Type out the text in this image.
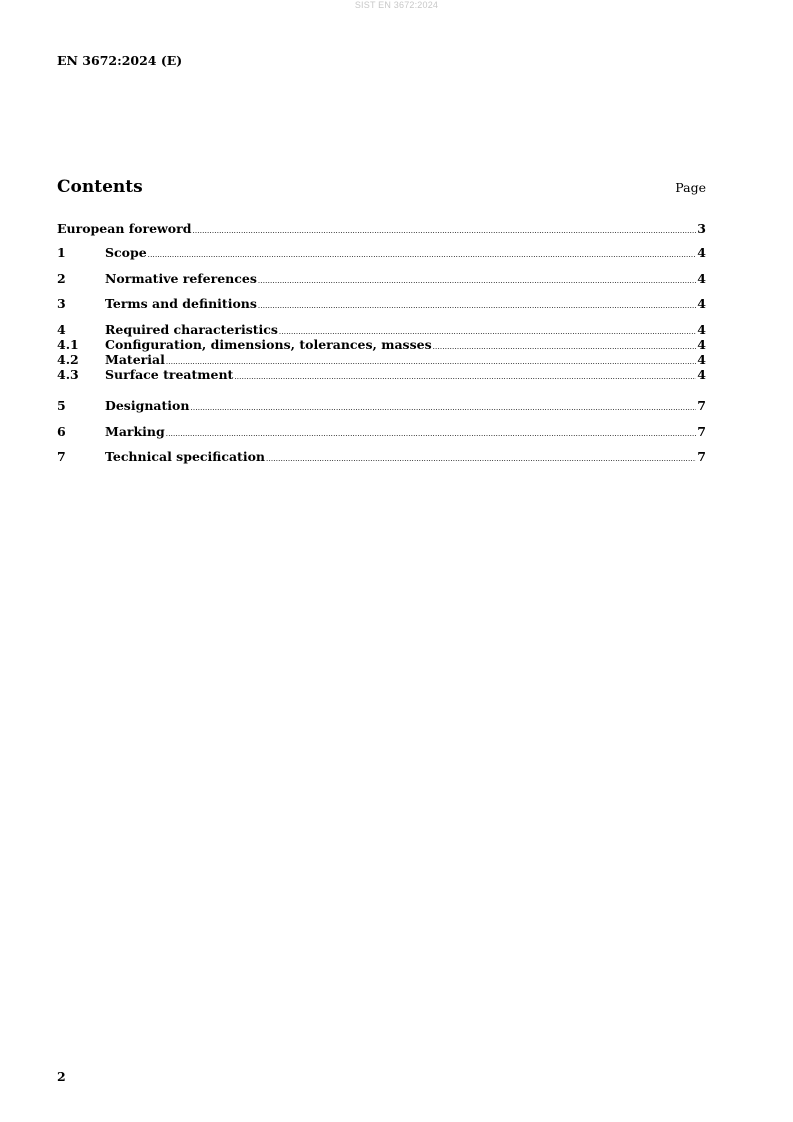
SIST EN 3672:2024
EN 3672:2024 (E)
Contents	Page
European foreword .....	3
1	Scope .....	4
2	Normative references .....	4
3	Terms and definitions .....	4
4	Required characteristics .....	4
4.1	Configuration, dimensions, tolerances, masses .....	4
4.2	Material .....	4
4.3	Surface treatment .....	4
5	Designation .....	7
6	Marking .....	7
7	Technical specification .....	7
2
